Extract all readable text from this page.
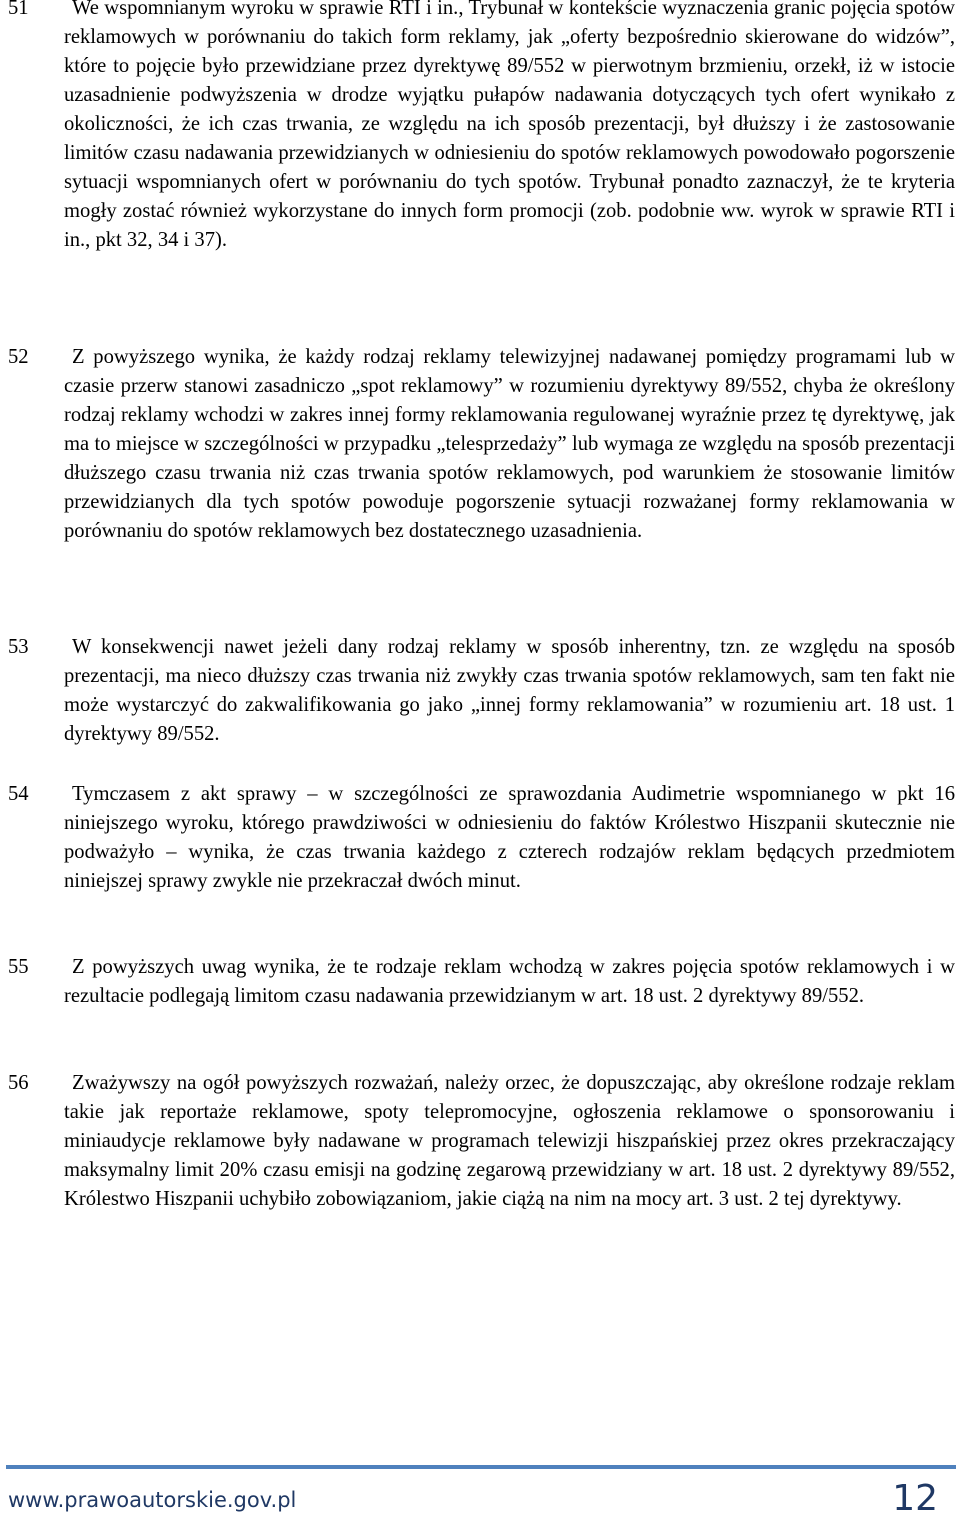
51	We wspomnianym wyroku w sprawie RTI i in., Trybunał w kontekście wyznaczenia granic pojęcia spotów reklamowych w porównaniu do takich form reklamy, jak „oferty bezpośrednio skierowane do widzów”, które to pojęcie było przewidziane przez dyrektywę 89/552 w pierwotnym brzmieniu, orzekł, iż w istocie uzasadnienie podwyższenia w drodze wyjątku pułapów nadawania dotyczących tych ofert wynikało z okoliczności, że ich czas trwania, ze względu na ich sposób prezentacji, był dłuższy i że zastosowanie limitów czasu nadawania przewidzianych w odniesieniu do spotów reklamowych powodowało pogorszenie sytuacji wspomnianych ofert w porównaniu do tych spotów. Trybunał ponadto zaznaczył, że te kryteria mogły zostać również wykorzystane do innych form promocji (zob. podobnie ww. wyrok w sprawie RTI i in., pkt 32, 34 i 37).
52	Z powyższego wynika, że każdy rodzaj reklamy telewizyjnej nadawanej pomiędzy programami lub w czasie przerw stanowi zasadniczo „spot reklamowy” w rozumieniu dyrektywy 89/552, chyba że określony rodzaj reklamy wchodzi w zakres innej formy reklamowania regulowanej wyraźnie przez tę dyrektywę, jak ma to miejsce w szczególności w przypadku „telesprzedaży” lub wymaga ze względu na sposób prezentacji dłuższego czasu trwania niż czas trwania spotów reklamowych, pod warunkiem że stosowanie limitów przewidzianych dla tych spotów powoduje pogorszenie sytuacji rozważanej formy reklamowania w porównaniu do spotów reklamowych bez dostatecznego uzasadnienia.
53	W konsekwencji nawet jeżeli dany rodzaj reklamy w sposób inherentny, tzn. ze względu na sposób prezentacji, ma nieco dłuższy czas trwania niż zwykły czas trwania spotów reklamowych, sam ten fakt nie może wystarczyć do zakwalifikowania go jako „innej formy reklamowania” w rozumieniu art. 18 ust. 1 dyrektywy 89/552.
54	Tymczasem z akt sprawy – w szczególności ze sprawozdania Audimetrie wspomnianego w pkt 16 niniejszego wyroku, którego prawdziwości w odniesieniu do faktów Królestwo Hiszpanii skutecznie nie podważyło – wynika, że czas trwania każdego z czterech rodzajów reklam będących przedmiotem niniejszej sprawy zwykle nie przekraczał dwóch minut.
55	Z powyższych uwag wynika, że te rodzaje reklam wchodzą w zakres pojęcia spotów reklamowych i w rezultacie podlegają limitom czasu nadawania przewidzianym w art. 18 ust. 2 dyrektywy 89/552.
56	Zważywszy na ogół powyższych rozważań, należy orzec, że dopuszczając, aby określone rodzaje reklam takie jak reportaże reklamowe, spoty telepromocyjne, ogłoszenia reklamowe o sponsorowaniu i miniaudycje reklamowe były nadawane w programach telewizji hiszpańskiej przez okres przekraczający maksymalny limit 20% czasu emisji na godzinę zegarową przewidziany w art. 18 ust. 2 dyrektywy 89/552, Królestwo Hiszpanii uchybiło zobowiązaniom, jakie ciążą na nim na mocy art. 3 ust. 2 tej dyrektywy.
www.prawoautorskie.gov.pl	12
